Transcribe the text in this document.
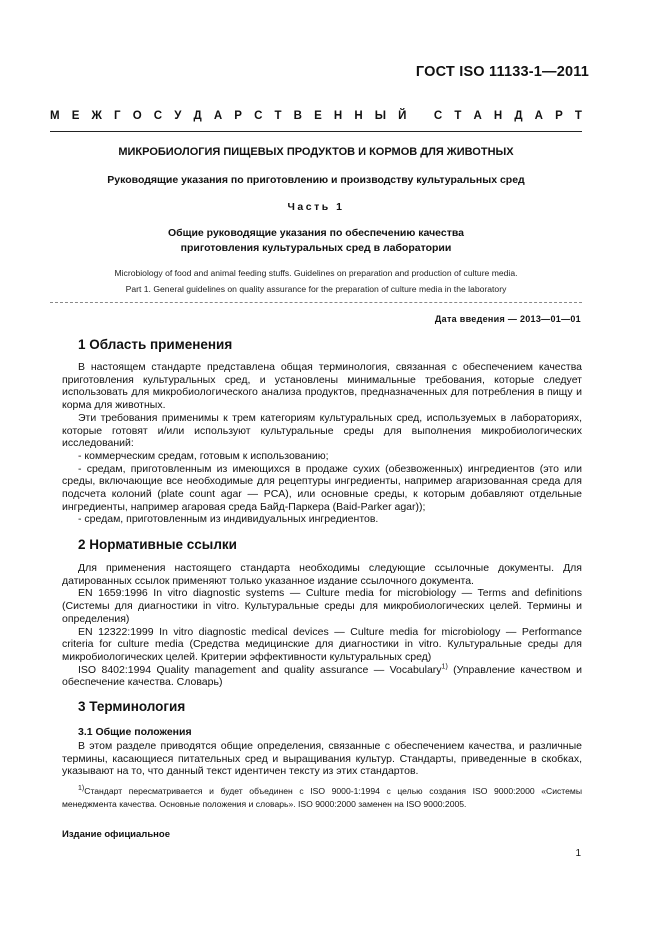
ГОСТ ISO 11133-1—2011
М Е Ж Г О С У Д А Р С Т В Е Н Н Ы Й
С Т А Н Д А Р Т
МИКРОБИОЛОГИЯ ПИЩЕВЫХ ПРОДУКТОВ И КОРМОВ ДЛЯ ЖИВОТНЫХ
Руководящие указания по приготовлению и производству культуральных сред
Часть 1
Общие руководящие указания по обеспечению качества
приготовления культуральных сред в лаборатории
Microbiology of food and animal feeding stuffs. Guidelines on preparation and production of culture media.
Part 1. General guidelines on quality assurance for the preparation of culture media in the laboratory
Дата введения — 2013—01—01
1 Область применения

В настоящем стандарте представлена общая терминология, связанная с обеспечением качества приготовления культуральных сред, и установлены минимальные требования, которые следует использовать для микробиологического анализа продуктов, предназначенных для потребления в пищу и корма для животных.

Эти требования применимы к трем категориям культуральных сред, используемых в лабораториях, которые готовят и/или используют культуральные среды для выполнения микробиологических исследований:

- коммерческим средам, готовым к использованию;

- средам, приготовленным из имеющихся в продаже сухих (обезвоженных) ингредиентов (это или среды, включающие все необходимые для рецептуры ингредиенты, например агаризованная среда для подсчета колоний (plate count agar — PCA), или основные среды, к которым добавляют отдельные ингредиенты, например агаровая среда Байд-Паркера (Baid-Parker agar));

- средам, приготовленным из индивидуальных ингредиентов.

2 Нормативные ссылки

Для применения настоящего стандарта необходимы следующие ссылочные документы. Для датированных ссылок применяют только указанное издание ссылочного документа.

EN 1659:1996 In vitro diagnostic systems — Culture media for microbiology — Terms and definitions (Системы для диагностики in vitro. Культуральные среды для микробиологических целей. Термины и определения)

EN 12322:1999 In vitro diagnostic medical devices — Culture media for microbiology — Performance criteria for culture media (Средства медицинские для диагностики in vitro. Культуральные среды для микробиологических целей. Критерии эффективности культуральных сред)

ISO 8402:1994 Quality management and quality assurance — Vocabulary$^{1)}$ (Управление качеством и обеспечение качества. Словарь)

3 Терминология
3.1 Общие положения

В этом разделе приводятся общие определения, связанные с обеспечением качества, и различные термины, касающиеся питательных сред и выращивания культур. Стандарты, приведенные в скобках, указывают на то, что данный текст идентичен тексту из этих стандартов.

$^{1)}$Стандарт пересматривается и будет объединен с ISO 9000-1:1994 с целью создания ISO 9000:2000 «Системы менеджмента качества. Основные положения и словарь». ISO 9000:2000 заменен на ISO 9000:2005.

Издание официальное
1
